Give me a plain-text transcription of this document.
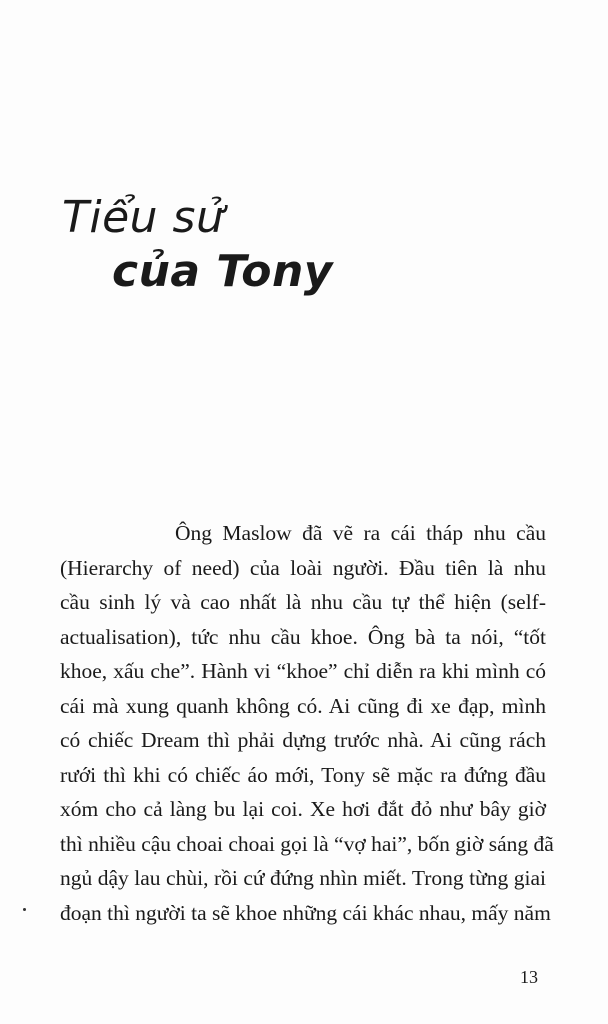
Tiểu sử
của Tony
Ông Maslow đã vẽ ra cái tháp nhu cầu
(Hierarchy of need) của loài người. Đầu tiên là nhu
cầu sinh lý và cao nhất là nhu cầu tự thể hiện (self-
actualisation), tức nhu cầu khoe. Ông bà ta nói, “tốt
khoe, xấu che”. Hành vi “khoe” chỉ diễn ra khi mình có
cái mà xung quanh không có. Ai cũng đi xe đạp, mình
có chiếc Dream thì phải dựng trước nhà. Ai cũng rách
rưới thì khi có chiếc áo mới, Tony sẽ mặc ra đứng đầu
xóm cho cả làng bu lại coi. Xe hơi đắt đỏ như bây giờ
thì nhiều cậu choai choai gọi là “vợ hai”, bốn giờ sáng đã
ngủ dậy lau chùi, rồi cứ đứng nhìn miết. Trong từng giai
đoạn thì người ta sẽ khoe những cái khác nhau, mấy năm
13
